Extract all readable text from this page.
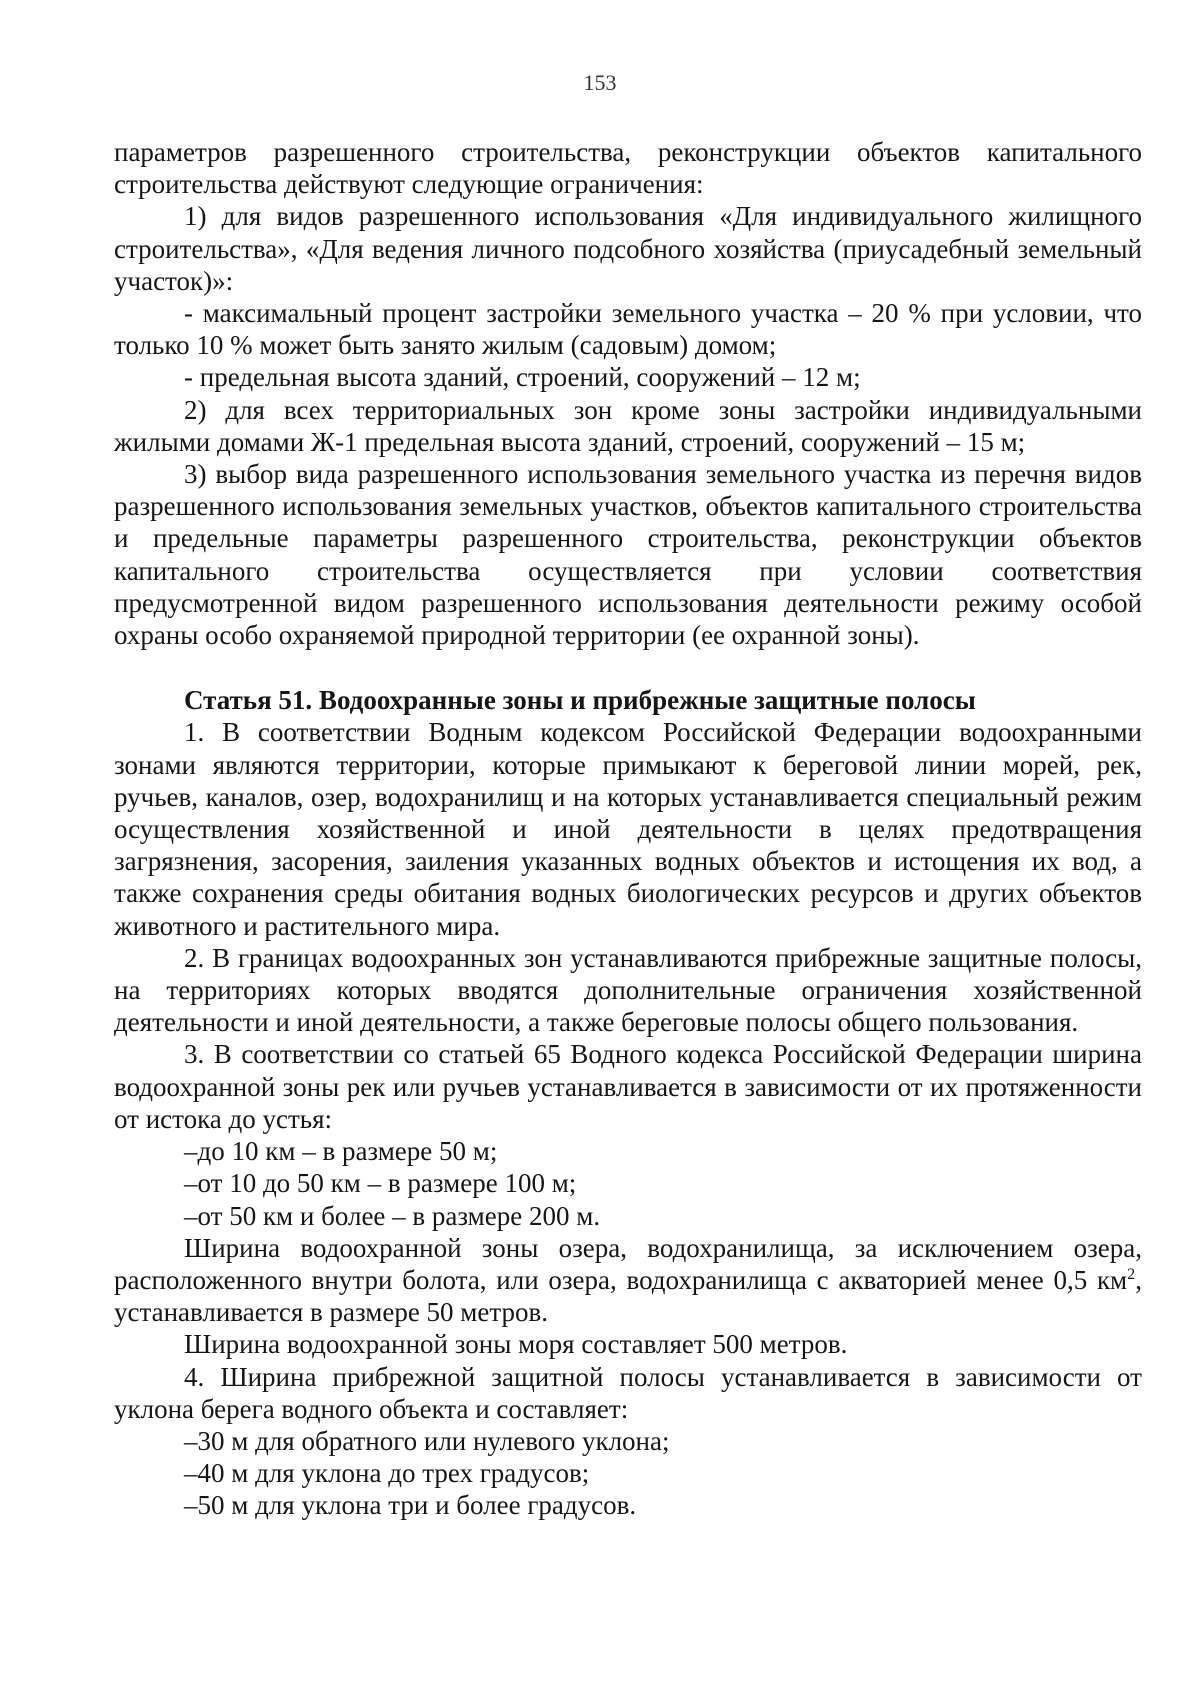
153

параметров разрешенного строительства, реконструкции объектов капитального строительства действуют следующие ограничения:

1) для видов разрешенного использования «Для индивидуального жилищного строительства», «Для ведения личного подсобного хозяйства (приусадебный земельный участок)»:

- максимальный процент застройки земельного участка – 20 % при условии, что только 10 % может быть занято жилым (садовым) домом;

- предельная высота зданий, строений, сооружений – 12 м;

2) для всех территориальных зон кроме зоны застройки индивидуальными жилыми домами Ж-1 предельная высота зданий, строений, сооружений – 15 м;

3) выбор вида разрешенного использования земельного участка из перечня видов разрешенного использования земельных участков, объектов капитального строительства и предельные параметры разрешенного строительства, реконструкции объектов капитального строительства осуществляется при условии соответствия предусмотренной видом разрешенного использования деятельности режиму особой охраны особо охраняемой природной территории (ее охранной зоны).

Статья 51. Водоохранные зоны и прибрежные защитные полосы

1. В соответствии Водным кодексом Российской Федерации водоохранными зонами являются территории, которые примыкают к береговой линии морей, рек, ручьев, каналов, озер, водохранилищ и на которых устанавливается специальный режим осуществления хозяйственной и иной деятельности в целях предотвращения загрязнения, засорения, заиления указанных водных объектов и истощения их вод, а также сохранения среды обитания водных биологических ресурсов и других объектов животного и растительного мира.

2. В границах водоохранных зон устанавливаются прибрежные защитные полосы, на территориях которых вводятся дополнительные ограничения хозяйственной деятельности и иной деятельности, а также береговые полосы общего пользования.

3. В соответствии со статьей 65 Водного кодекса Российской Федерации ширина водоохранной зоны рек или ручьев устанавливается в зависимости от их протяженности от истока до устья:

–до 10 км – в размере 50 м;

–от 10 до 50 км – в размере 100 м;

–от 50 км и более – в размере 200 м.

Ширина водоохранной зоны озера, водохранилища, за исключением озера, расположенного внутри болота, или озера, водохранилища с акваторией менее 0,5 $км^2$, устанавливается в размере 50 метров.

Ширина водоохранной зоны моря составляет 500 метров.

4. Ширина прибрежной защитной полосы устанавливается в зависимости от уклона берега водного объекта и составляет:

–30 м для обратного или нулевого уклона;

–40 м для уклона до трех градусов;

–50 м для уклона три и более градусов.
